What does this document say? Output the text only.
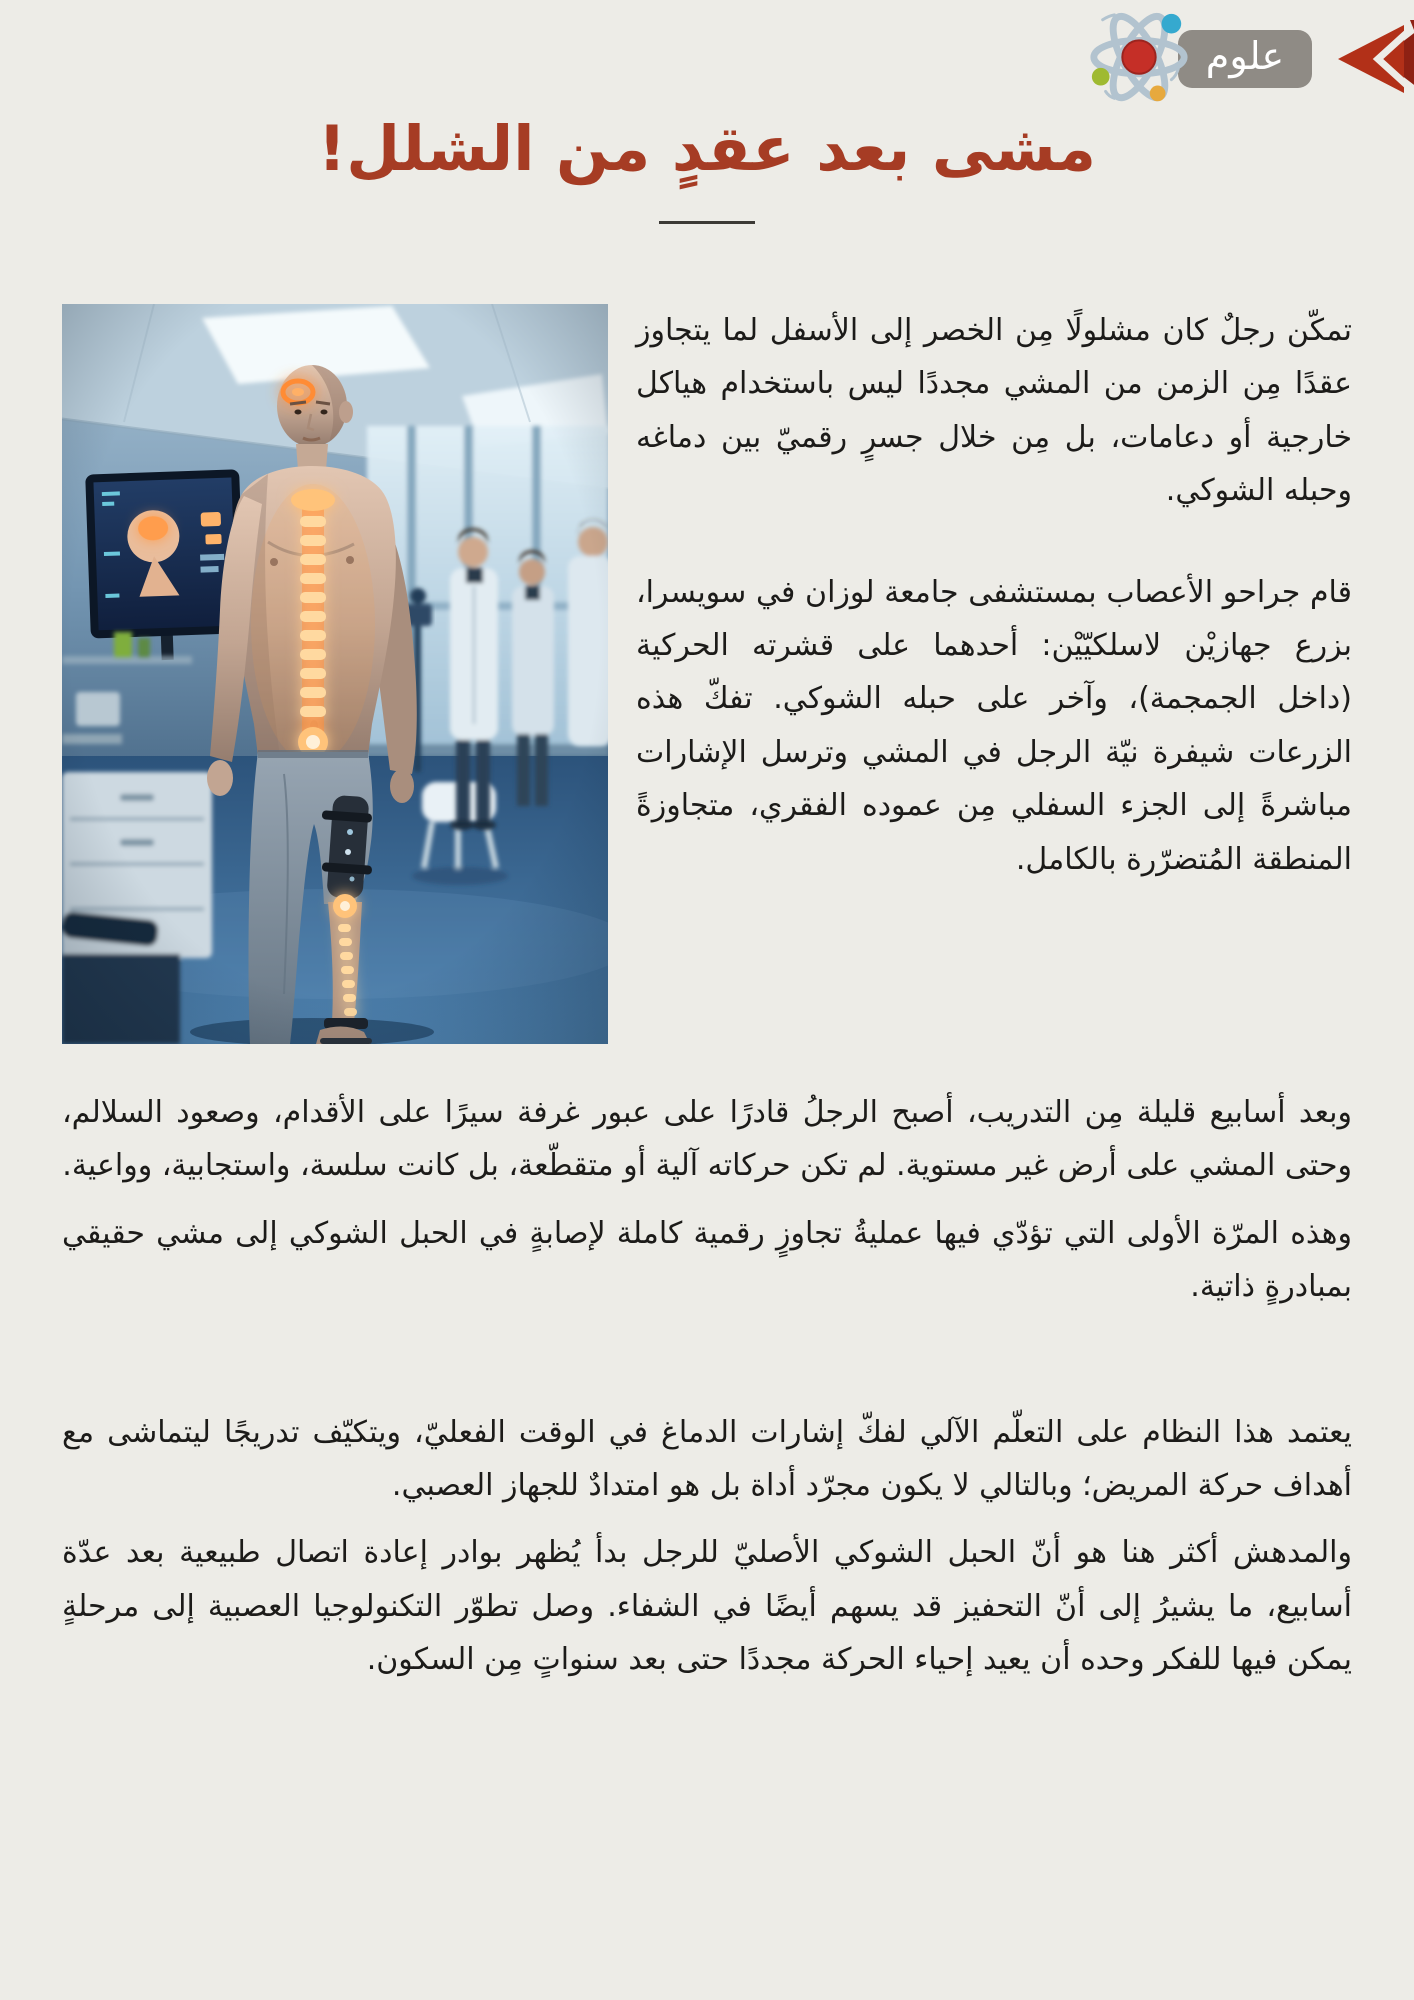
علوم
مشى بعد عقدٍ من الشلل!

تمكّن رجلٌ كان مشلولًا مِن الخصر إلى الأسفل لما يتجاوز عقدًا مِن الزمن من المشي مجددًا ليس باستخدام هياكل خارجية أو دعامات، بل مِن خلال جسرٍ رقميّ بين دماغه وحبله الشوكي.

قام جراحو الأعصاب بمستشفى جامعة لوزان في سويسرا، بزرع جهازيْن لاسلكيّيْن: أحدهما على قشرته الحركية (داخل الجمجمة)، وآخر على حبله الشوكي. تفكّ هذه الزرعات شيفرة نيّة الرجل في المشي وترسل الإشارات مباشرةً إلى الجزء السفلي مِن عموده الفقري، متجاوزةً المنطقة المُتضرّرة بالكامل.

وبعد أسابيع قليلة مِن التدريب، أصبح الرجلُ قادرًا على عبور غرفة سيرًا على الأقدام، وصعود السلالم، وحتى المشي على أرض غير مستوية. لم تكن حركاته آلية أو متقطّعة، بل كانت سلسة، واستجابية، وواعية.

وهذه المرّة الأولى التي تؤدّي فيها عمليةُ تجاوزٍ رقمية كاملة لإصابةٍ في الحبل الشوكي إلى مشي حقيقي بمبادرةٍ ذاتية.

يعتمد هذا النظام على التعلّم الآلي لفكّ إشارات الدماغ في الوقت الفعليّ، ويتكيّف تدريجًا ليتماشى مع أهداف حركة المريض؛ وبالتالي لا يكون مجرّد أداة بل هو امتدادٌ للجهاز العصبي.

والمدهش أكثر هنا هو أنّ الحبل الشوكي الأصليّ للرجل بدأ يُظهر بوادر إعادة اتصال طبيعية بعد عدّة أسابيع، ما يشيرُ إلى أنّ التحفيز قد يسهم أيضًا في الشفاء. وصل تطوّر التكنولوجيا العصبية إلى مرحلةٍ يمكن فيها للفكر وحده أن يعيد إحياء الحركة مجددًا حتى بعد سنواتٍ مِن السكون.
